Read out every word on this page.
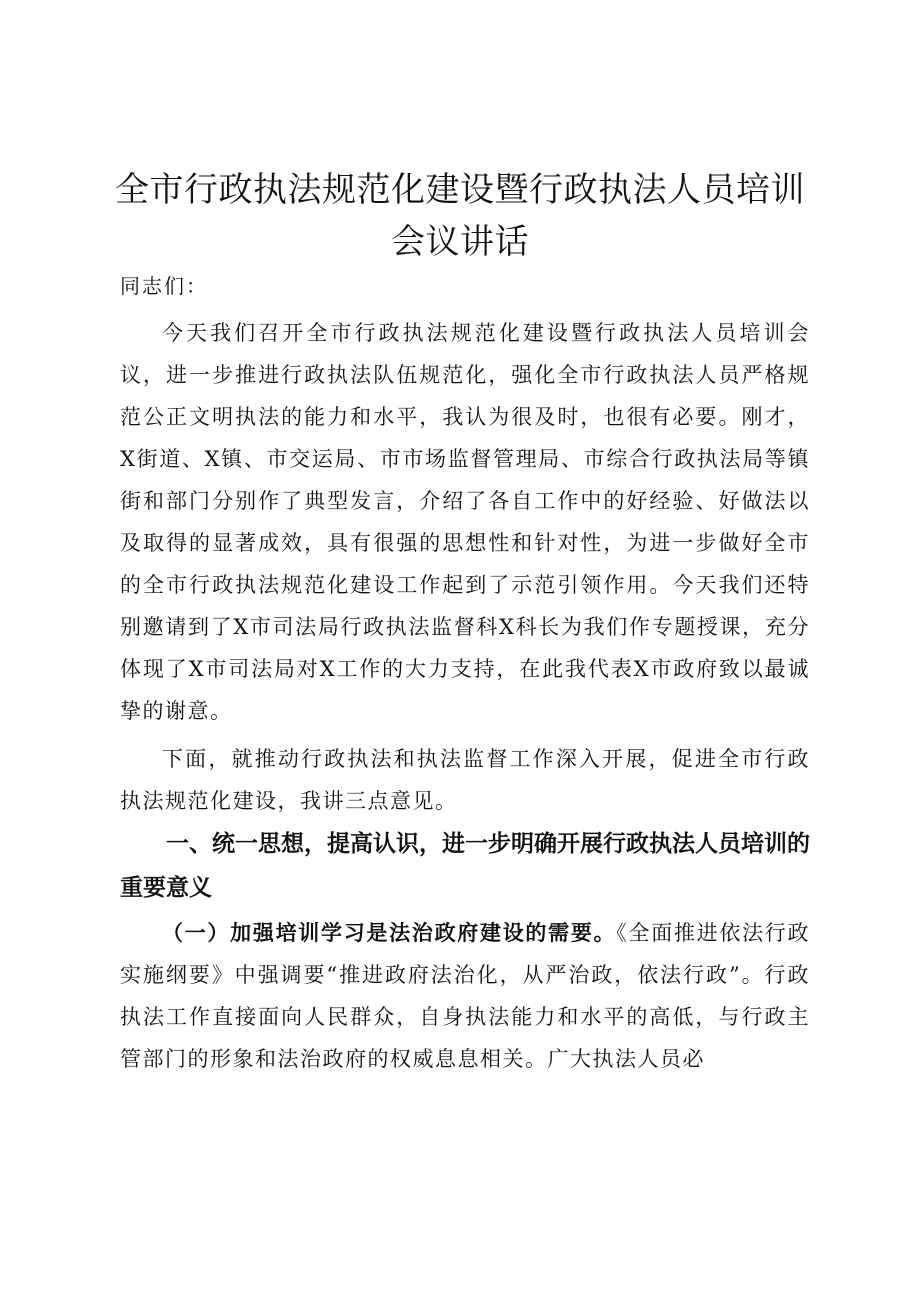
全市行政执法规范化建设暨行政执法人员培训
会议讲话
同志们：

今天我们召开全市行政执法规范化建设暨行政执法人员培训会议，进一步推进行政执法队伍规范化，强化全市行政执法人员严格规范公正文明执法的能力和水平，我认为很及时，也很有必要。刚才，X街道、X镇、市交运局、市市场监督管理局、市综合行政执法局等镇街和部门分别作了典型发言，介绍了各自工作中的好经验、好做法以及取得的显著成效，具有很强的思想性和针对性，为进一步做好全市的全市行政执法规范化建设工作起到了示范引领作用。今天我们还特别邀请到了X市司法局行政执法监督科X科长为我们作专题授课，充分体现了X市司法局对X工作的大力支持，在此我代表X市政府致以最诚挚的谢意。

下面，就推动行政执法和执法监督工作深入开展，促进全市行政执法规范化建设，我讲三点意见。

一、统一思想，提高认识，进一步明确开展行政执法人员培训的重要意义

（一）加强培训学习是法治政府建设的需要。《全面推进依法行政实施纲要》中强调要“推进政府法治化，从严治政，依法行政”。行政执法工作直接面向人民群众，自身执法能力和水平的高低，与行政主管部门的形象和法治政府的权威息息相关。广大执法人员必
